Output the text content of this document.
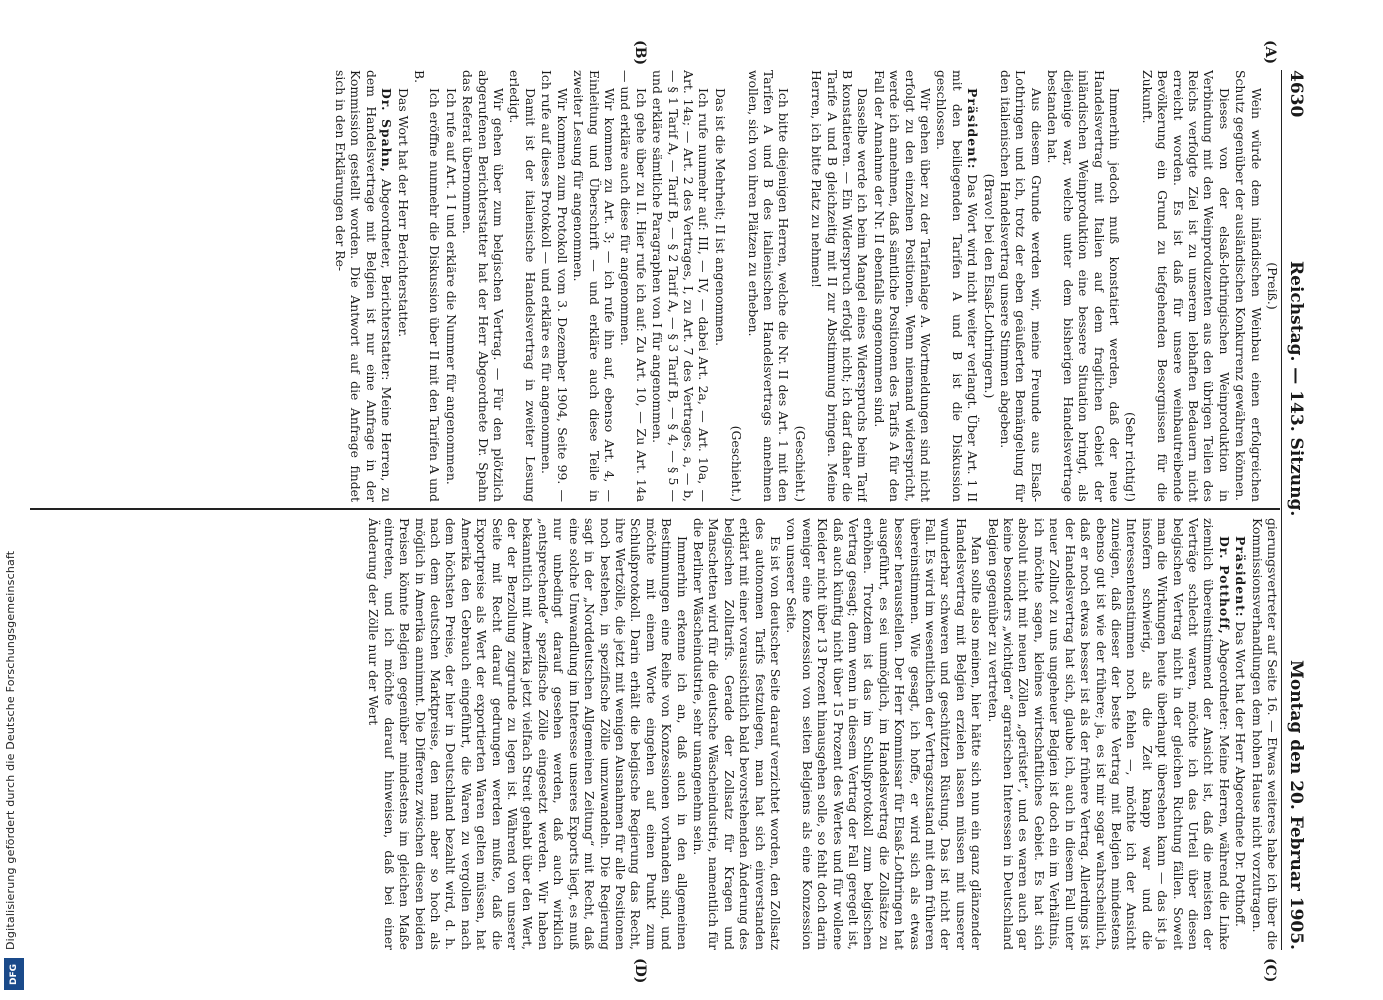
Digitalisierung gefördert durch die Deutsche Forschungsgemeinschaft
DFG
4630
Reichstag. — 143. Sitzung.
Montag den 20. Februar 1905.
(A)
(B)
(C)
(D)

(Preiß.)

Wein würde dem inländischen Weinbau einen erfolgreichen Schutz gegenüber der ausländischen Konkurrenz gewähren können.

Dieses von der elsaß-lothringischen Weinproduktion in Verbindung mit den Weinproduzenten aus den übrigen Teilen des Reichs verfolgte Ziel ist zu unserem lebhaften Bedauern nicht erreicht worden. Es ist daß für unsere weinbautreibende Bevölkerung ein Grund zu tiefgehenden Besorgnissen für die Zukunft.

(Sehr richtig!)

Immerhin jedoch muß konstatiert werden, daß der neue Handelsvertrag mit Italien auf dem fraglichen Gebiet der inländischen Weinproduktion eine bessere Situation bringt, als diejenige war, welche unter dem bisherigen Handelsvertrage bestanden hat.

Aus diesem Grunde werden wir, meine Freunde aus Elsaß-Lothringen und ich, trotz der eben geäußerten Bemängelung für den italienischen Handelsvertrag unsere Stimmen abgeben.

(Bravo! bei den Elsaß-Lothringern.)

Präsident: Das Wort wird nicht weiter verlangt. Über Art. 1 II mit den beiliegenden Tarifen A und B ist die Diskussion geschlossen.

Wir gehen über zu der Tarifanlage A. Wortmeldungen sind nicht erfolgt zu den einzelnen Positionen. Wenn niemand widerspricht, werde ich annehmen, daß sämtliche Positionen des Tarifs A für den Fall der Annahme der Nr. II ebenfalls angenommen sind.

Dasselbe werde ich beim Mangel eines Widerspruchs beim Tarif B konstatieren. — Ein Widerspruch erfolgt nicht; ich darf daher die Tarife A und B gleichzeitig mit II zur Abstimmung bringen. Meine Herren, ich bitte Platz zu nehmen!

(Geschieht.)

Ich bitte diejenigen Herren, welche die Nr. II des Art. 1 mit den Tarifen A und B des italienischen Handelsvertrags annehmen wollen, sich von ihren Plätzen zu erheben.

(Geschieht.)

Das ist die Mehrheit; II ist angenommen.

Ich rufe nunmehr auf: III, — IV, — dabei Art. 2a, — Art. 10a, — Art. 14a; — Art. 2 des Vertrages, I, zu Art. 7 des Vertrages, a, — b, — § 1 Tarif A, — Tarif B, — § 2 Tarif A, — § 3 Tarif B, — § 4, — § 5 — und erkläre sämtliche Paragraphen von I für angenommen.

Ich gehe über zu II. Hier rufe ich auf: Zu Art. 10, — Zu Art. 14a — und erkläre auch diese für angenommen.

Wir kommen zu Art. 3; — ich rufe ihn auf, ebenso Art. 4, — Einleitung und Überschrift — und erkläre auch diese Teile in zweiter Lesung für angenommen.

Wir kommen zum Protokoll vom 3. Dezember 1904, Seite 99. — Ich rufe auf dieses Protokoll — und erkläre es für angenommen.

Damit ist der italienische Handelsvertrag in zweiter Lesung erledigt.

Wir gehen über zum belgischen Vertrag. — Für den plötzlich abgerufenen Berichterstatter hat der Herr Abgeordnete Dr. Spahn das Referat übernommen.

Ich rufe auf Art. 1 I und erkläre die Nummer für angenommen.

Ich eröffne nunmehr die Diskussion über II mit den Tarifen A und B.

Das Wort hat der Herr Berichterstatter.

Dr. Spahn, Abgeordneter, Berichterstatter: Meine Herren, zu dem Handelsvertrage mit Belgien ist nur eine Anfrage in der Kommission gestellt worden. Die Antwort auf die Anfrage findet sich in den Erklärungen der Re-

gierungsvertreter auf Seite 16. — Etwas weiteres habe ich über die Kommissionsverhandlungen dem hohen Hause nicht vorzutragen.

Präsident: Das Wort hat der Herr Abgeordnete Dr. Potthoff.

Dr. Potthoff, Abgeordneter: Meine Herren, während die Linke ziemlich übereinstimmend der Ansicht ist, daß die meisten der Verträge schlecht waren, möchte ich das Urteil über diesen belgischen Vertrag nicht in der gleichen Richtung fällen. Soweit man die Wirkungen heute überhaupt übersehen kann — das ist ja insofern schwierig, als die Zeit knapp war und die Interessentenstimmen noch fehlen —, möchte ich der Ansicht zuneigen, daß dieser der beste Vertrag mit Belgien mindestens ebenso gut ist wie der frühere; ja, es ist mir sogar wahrscheinlich, daß er noch etwas besser ist als der frühere Vertrag. Allerdings ist der Handelsvertrag hat sich, glaube ich, auch in diesem Fall unter neuer Zollnot zu uns ungeheuer Belgien ist doch ein im Verhältnis, ich möchte sagen, kleines wirtschaftliches Gebiet. Es hat sich absolut nicht mit neuen Zöllen „gerüstet“, und es waren auch gar keine besonders „wichtigen“ agrarischen Interessen in Deutschland Belgien gegenüber zu vertreten.

Man sollte also meinen, hier hätte sich nun ein ganz glänzender Handelsvertrag mit Belgien erzielen lassen müssen mit unserer wunderbar schweren und geschützten Rüstung. Das ist nicht der Fall. Es wird im wesentlichen der Vertragszustand mit dem früheren übereinstimmen. Wie gesagt, ich hoffe, er wird sich als etwas besser herausstellen. Der Herr Kommissar für Elsaß-Lothringen hat ausgeführt, es sei unmöglich, im Handelsvertrag die Zollsätze zu erhöhen. Trotzdem ist das im Schlußprotokoll zum belgischen Vertrag gesagt; denn wenn in diesem Vertrag der Fall geregelt ist, daß auch künftig nicht über 15 Prozent des Wertes und für wollene Kleider nicht über 13 Prozent hinausgehen solle, so fehlt doch darin weniger eine Konzession von seiten Belgiens als eine Konzession von unserer Seite.

Es ist von deutscher Seite darauf verzichtet worden, den Zollsatz des autonomen Tarifs festzulegen, man hat sich einverstanden erklärt mit einer voraussichtlich bald bevorstehenden Änderung des belgischen Zolltarifs. Gerade der Zollsatz für Kragen und Manschetten wird für die deutsche Wäscheindustrie, namentlich für die Berliner Wäscheindustrie, sehr unangenehm sein.

Immerhin erkenne ich an, daß auch in den allgemeinen Bestimmungen eine Reihe von Konzessionen vorhanden sind, und möchte mit einem Worte eingehen auf einen Punkt zum Schlußprotokoll. Darin erhält die belgische Regierung das Recht, ihre Wertzölle, die jetzt mit wenigen Ausnahmen für alle Positionen noch bestehen, in spezifische Zölle umzuwandeln. Die Regierung sagt in der „Norddeutschen Allgemeinen Zeitung“ mit Recht, daß eine solche Umwandlung im Interesse unseres Exports liegt, es muß nur unbedingt darauf gesehen werden, daß auch wirklich „entsprechende“ spezifische Zölle eingesetzt werden. Wir haben bekanntlich mit Amerika jetzt vielfach Streit gehabt über den Wert, der der Berzollung zugrunde zu legen ist. Während von unserer Seite mit Recht darauf gedrungen werden mußte, daß die Exportpreise als Wert der exportierten Waren gelten müssen, hat Amerika den Gebrauch eingeführt, die Waren zu vergollen nach dem höchsten Preise, der hier in Deutschland bezahlt wird, d. h. nach dem deutschen Marktpreise, den man aber so hoch als möglich in Amerika annimmt. Die Differenz zwischen diesen beiden Preisen könnte Belgien gegenüber mindestens im gleichen Maße eintreten, und ich möchte darauf hinweisen, daß bei einer Änderung der Zölle nur der Wert
